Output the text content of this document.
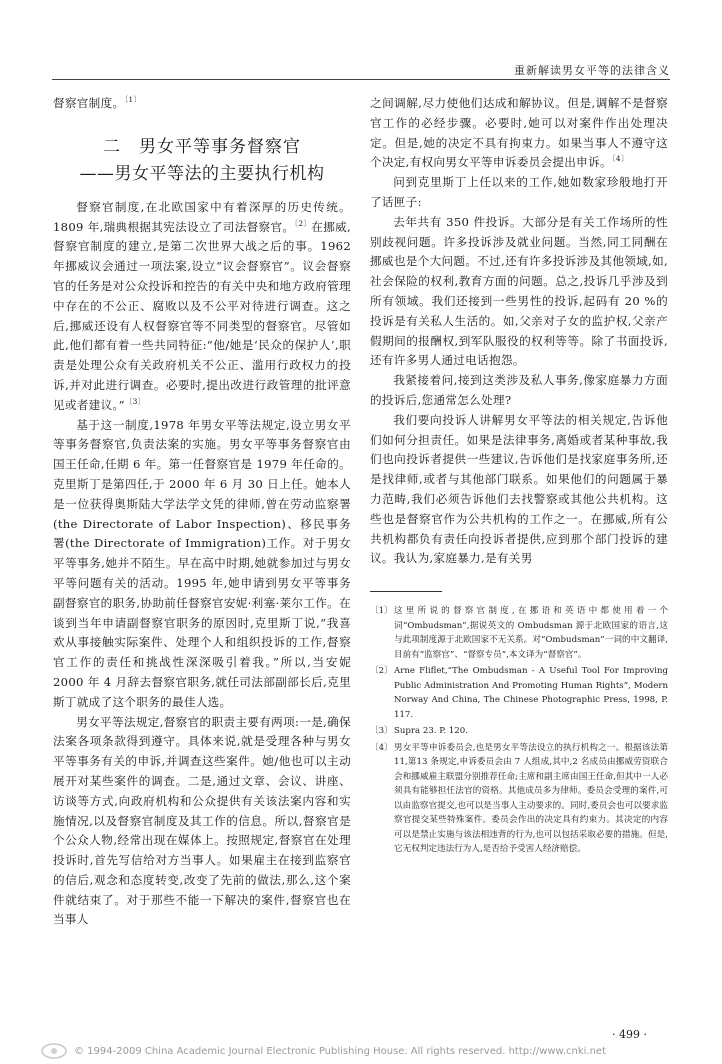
重新解读男女平等的法律含义

督察官制度。$^{〔1〕}$

二　男女平等事务督察官
——男女平等法的主要执行机构

督察官制度,在北欧国家中有着深厚的历史传统。1809 年,瑞典根据其宪法设立了司法督察官。$^{〔2〕}$在挪威,督察官制度的建立,是第二次世界大战之后的事。1962 年挪威议会通过一项法案,设立“议会督察官”。议会督察官的任务是对公众投诉和控告的有关中央和地方政府管理中存在的不公正、腐败以及不公平对待进行调查。这之后,挪威还设有人权督察官等不同类型的督察官。尽管如此,他们都有着一些共同特征:“他/她是‘民众的保护人’,职责是处理公众有关政府机关不公正、滥用行政权力的投诉,并对此进行调查。必要时,提出改进行政管理的批评意见或者建议。”$^{〔3〕}$

基于这一制度,1978 年男女平等法规定,设立男女平等事务督察官,负责法案的实施。男女平等事务督察官由国王任命,任期 6 年。第一任督察官是 1979 年任命的。克里斯丁是第四任,于 2000 年 6 月 30 日上任。她本人是一位获得奥斯陆大学法学文凭的律师,曾在劳动监察署(the Directorate of Labor Inspection)、移民事务署(the Directorate of Immigration)工作。对于男女平等事务,她并不陌生。早在高中时期,她就参加过与男女平等问题有关的活动。1995 年,她申请到男女平等事务副督察官的职务,协助前任督察官安妮·利塞·莱尔工作。在谈到当年申请副督察官职务的原因时,克里斯丁说,“我喜欢从事接触实际案件、处理个人和组织投诉的工作,督察官工作的责任和挑战性深深吸引着我。”所以,当安妮 2000 年 4 月辞去督察官职务,就任司法部副部长后,克里斯丁就成了这个职务的最佳人选。

男女平等法规定,督察官的职责主要有两项:一是,确保法案各项条款得到遵守。具体来说,就是受理各种与男女平等事务有关的申诉,并调查这些案件。她/他也可以主动展开对某些案件的调查。二是,通过文章、会议、讲座、访谈等方式,向政府机构和公众提供有关该法案内容和实施情况,以及督察官制度及其工作的信息。所以,督察官是个公众人物,经常出现在媒体上。按照规定,督察官在处理投诉时,首先写信给对方当事人。如果雇主在接到监察官的信后,观念和态度转变,改变了先前的做法,那么,这个案件就结束了。对于那些不能一下解决的案件,督察官也在当事人

之间调解,尽力使他们达成和解协议。但是,调解不是督察官工作的必经步骤。必要时,她可以对案件作出处理决定。但是,她的决定不具有拘束力。如果当事人不遵守这个决定,有权向男女平等申诉委员会提出申诉。$^{〔4〕}$

问到克里斯丁上任以来的工作,她如数家珍般地打开了话匣子:

去年共有 350 件投诉。大部分是有关工作场所的性别歧视问题。许多投诉涉及就业问题。当然,同工同酬在挪威也是个大问题。不过,还有许多投诉涉及其他领域,如,社会保险的权利,教育方面的问题。总之,投诉几乎涉及到所有领域。我们还接到一些男性的投诉,起码有 20 %的投诉是有关私人生活的。如,父亲对子女的监护权,父亲产假期间的报酬权,到军队服役的权利等等。除了书面投诉,还有许多男人通过电话抱怨。

我紧接着问,接到这类涉及私人事务,像家庭暴力方面的投诉后,您通常怎么处理?

我们要向投诉人讲解男女平等法的相关规定,告诉他们如何分担责任。如果是法律事务,离婚或者某种事故,我们也向投诉者提供一些建议,告诉他们是找家庭事务所,还是找律师,或者与其他部门联系。如果他们的问题属于暴力范畴,我们必须告诉他们去找警察或其他公共机构。这些也是督察官作为公共机构的工作之一。在挪威,所有公共机构都负有责任向投诉者提供,应到那个部门投诉的建议。我认为,家庭暴力,是有关男

〔1〕 这里所说的督察官制度,在挪语和英语中都使用着一个词“Ombudsman”,据说英文的 Ombudsman 源于北欧国家的语言,这与此项制度源于北欧国家不无关系。对“Ombudsman”一词的中文翻译,目前有“监察官”、“督察专员”,本文译为“督察官”。
〔2〕 Arne Fliflet,“The Ombudsman - A Useful Tool For Improving Public Administration And Promoting Human Rights”, Modern Norway And China, The Chinese Photographic Press, 1998, P. 117.
〔3〕 Supra 23. P. 120.
〔4〕 男女平等申诉委员会,也是男女平等法设立的执行机构之一。根据该法第11,第13 条规定,申诉委员会由 7 人组成,其中,2 名成员由挪威劳资联合会和挪威雇主联盟分别推荐任命;主席和副主席由国王任命,但其中一人必须具有能够担任法官的资格。其他成员多为律师。委员会受理的案件,可以由监察官提交,也可以是当事人主动要求的。同时,委员会也可以要求监察官提交某些特殊案件。委员会作出的决定具有约束力。其决定的内容可以是禁止实施与该法相违背的行为,也可以包括采取必要的措施。但是,它无权判定违法行为人,是否给予受害人经济赔偿。
· 499 ·
© 1994-2009 China Academic Journal Electronic Publishing House. All rights reserved. http://www.cnki.net
